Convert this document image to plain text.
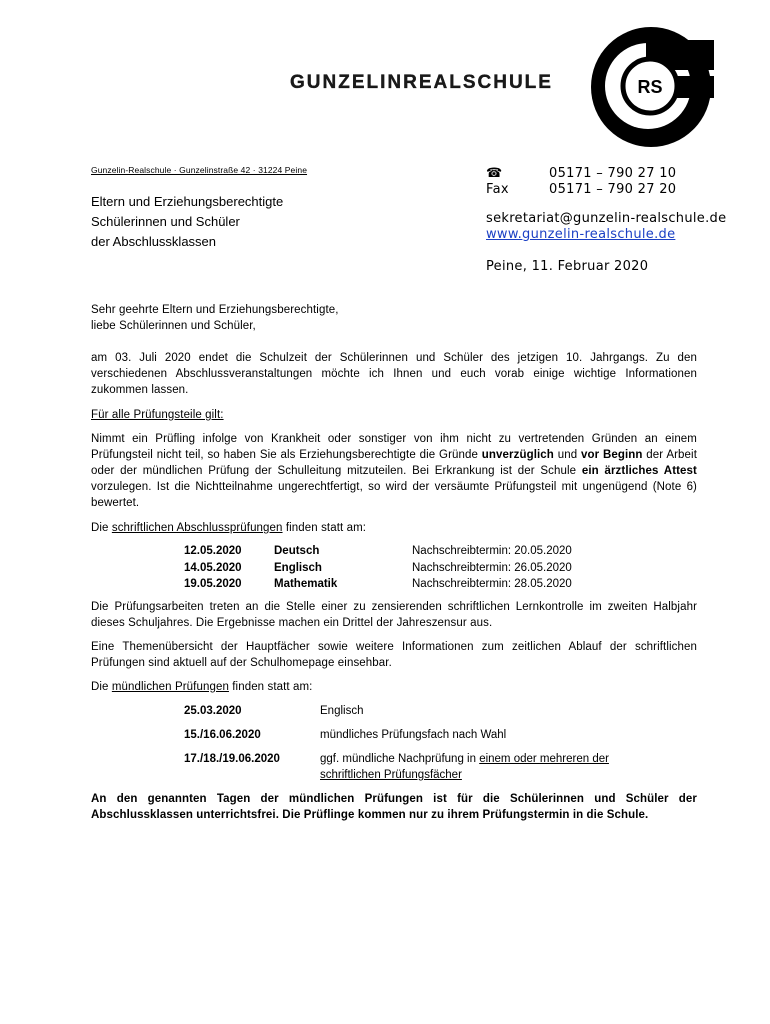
GUNZELINREALSCHULE	RS
Gunzelin-Realschule · Gunzelinstraße 42 · 31224 Peine
Eltern und Erziehungsberechtigte
Schülerinnen und Schüler
der Abschlussklassen
☎	05171 – 790 27 10
Fax	05171 – 790 27 20
sekretariat@gunzelin-realschule.de
www.gunzelin-realschule.de
Peine, 11. Februar 2020
Sehr geehrte Eltern und Erziehungsberechtigte,
liebe Schülerinnen und Schüler,
am 03. Juli 2020 endet die Schulzeit der Schülerinnen und Schüler des jetzigen 10. Jahrgangs. Zu den verschiedenen Abschlussveranstaltungen möchte ich Ihnen und euch vorab einige wichtige Informationen zukommen lassen.
Für alle Prüfungsteile gilt:
Nimmt ein Prüfling infolge von Krankheit oder sonstiger von ihm nicht zu vertretenden Gründen an einem Prüfungsteil nicht teil, so haben Sie als Erziehungsberechtigte die Gründe unverzüglich und vor Beginn der Arbeit oder der mündlichen Prüfung der Schulleitung mitzuteilen. Bei Erkrankung ist der Schule ein ärztliches Attest vorzulegen. Ist die Nichtteilnahme ungerechtfertigt, so wird der versäumte Prüfungsteil mit ungenügend (Note 6) bewertet.
Die schriftlichen Abschlussprüfungen finden statt am:
12.05.2020	Deutsch	Nachschreibtermin: 20.05.2020
14.05.2020	Englisch	Nachschreibtermin: 26.05.2020
19.05.2020	Mathematik	Nachschreibtermin: 28.05.2020
Die Prüfungsarbeiten treten an die Stelle einer zu zensierenden schriftlichen Lernkontrolle im zweiten Halbjahr dieses Schuljahres. Die Ergebnisse machen ein Drittel der Jahreszensur aus.
Eine Themenübersicht der Hauptfächer sowie weitere Informationen zum zeitlichen Ablauf der schriftlichen Prüfungen sind aktuell auf der Schulhomepage einsehbar.
Die mündlichen Prüfungen finden statt am:
25.03.2020	Englisch
15./16.06.2020	mündliches Prüfungsfach nach Wahl
17./18./19.06.2020	ggf. mündliche Nachprüfung in einem oder mehreren der
schriftlichen Prüfungsfächer
An den genannten Tagen der mündlichen Prüfungen ist für die Schülerinnen und Schüler der Abschlussklassen unterrichtsfrei. Die Prüflinge kommen nur zu ihrem Prüfungstermin in die Schule.
